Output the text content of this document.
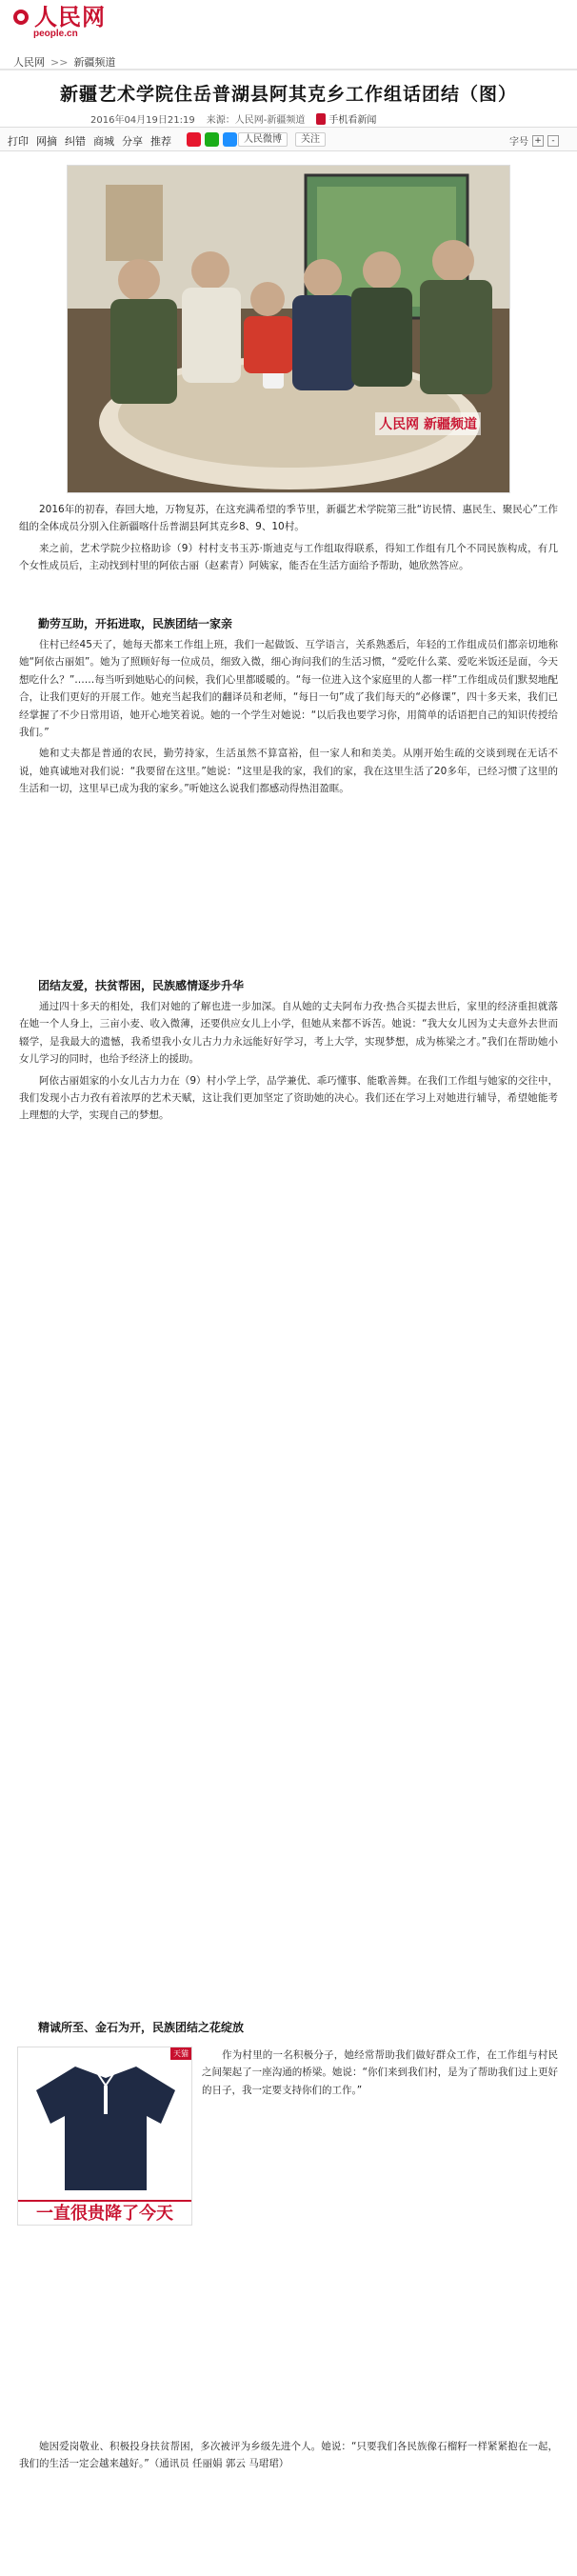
人民网
people.cn
人民网 >> 新疆频道
新疆艺术学院住岳普湖县阿其克乡工作组话团结（图）
2016年04月19日21:19 来源：人民网-新疆频道	手机看新闻
打印 网摘 纠错 商城 分享 推荐	人民微博	关注	字号 +	-
人民网 新疆频道

2016年的初春，春回大地，万物复苏，在这充满希望的季节里，新疆艺术学院第三批“访民情、惠民生、聚民心”工作组的全体成员分别入住新疆喀什岳普湖县阿其克乡8、9、10村。

来之前，艺术学院少拉格助诊（9）村村支书玉苏·斯迪克与工作组取得联系，得知工作组有几个不同民族构成，有几个女性成员后，主动找到村里的阿依古丽（赵素青）阿姨家，能否在生活方面给予帮助，她欣然答应。

勤劳互助，开拓进取，民族团结一家亲

住村已经45天了，她每天都来工作组上班，我们一起做饭、互学语言，关系熟悉后，年轻的工作组成员们都亲切地称她“阿依古丽姐”。她为了照顾好每一位成员，细致入微，细心询问我们的生活习惯，“爱吃什么菜、爱吃米饭还是面，今天想吃什么？”……每当听到她贴心的问候，我们心里都暖暖的。“每一位进入这个家庭里的人都一样”工作组成员们默契地配合，让我们更好的开展工作。她充当起我们的翻译员和老师，“每日一句”成了我们每天的“必修课”，四十多天来，我们已经掌握了不少日常用语，她开心地笑着说。她的一个学生对她说：“以后我也要学习你，用简单的话语把自己的知识传授给我们。”

她和丈夫都是普通的农民，勤劳持家，生活虽然不算富裕，但一家人和和美美。从刚开始生疏的交谈到现在无话不说，她真诚地对我们说：“我要留在这里。”她说：“这里是我的家，我们的家，我在这里生活了20多年，已经习惯了这里的生活和一切，这里早已成为我的家乡。”听她这么说我们都感动得热泪盈眶。

团结友爱，扶贫帮困，民族感情逐步升华

通过四十多天的相处，我们对她的了解也进一步加深。自从她的丈夫阿布力孜·热合买提去世后，家里的经济重担就落在她一个人身上，三亩小麦、收入微薄，还要供应女儿上小学，但她从来都不诉苦。她说：“我大女儿因为丈夫意外去世而辍学，是我最大的遗憾，我希望我小女儿古力力永远能好好学习，考上大学，实现梦想，成为栋梁之才。”我们在帮助她小女儿学习的同时，也给予经济上的援助。

阿依古丽姐家的小女儿古力力在（9）村小学上学，品学兼优、乖巧懂事、能歌善舞。在我们工作组与她家的交往中，我们发现小古力孜有着浓厚的艺术天赋，这让我们更加坚定了资助她的决心。我们还在学习上对她进行辅导，希望她能考上理想的大学，实现自己的梦想。

精诚所至、金石为开，民族团结之花绽放
天猫
一直很贵降了今天

作为村里的一名积极分子，她经常帮助我们做好群众工作，在工作组与村民之间架起了一座沟通的桥梁。她说：“你们来到我们村，是为了帮助我们过上更好的日子，我一定要支持你们的工作。”

她因爱岗敬业、积极投身扶贫帮困，多次被评为乡级先进个人。她说：“只要我们各民族像石榴籽一样紧紧抱在一起，我们的生活一定会越来越好。”（通讯员 任丽娟 郭云 马珺珺）
